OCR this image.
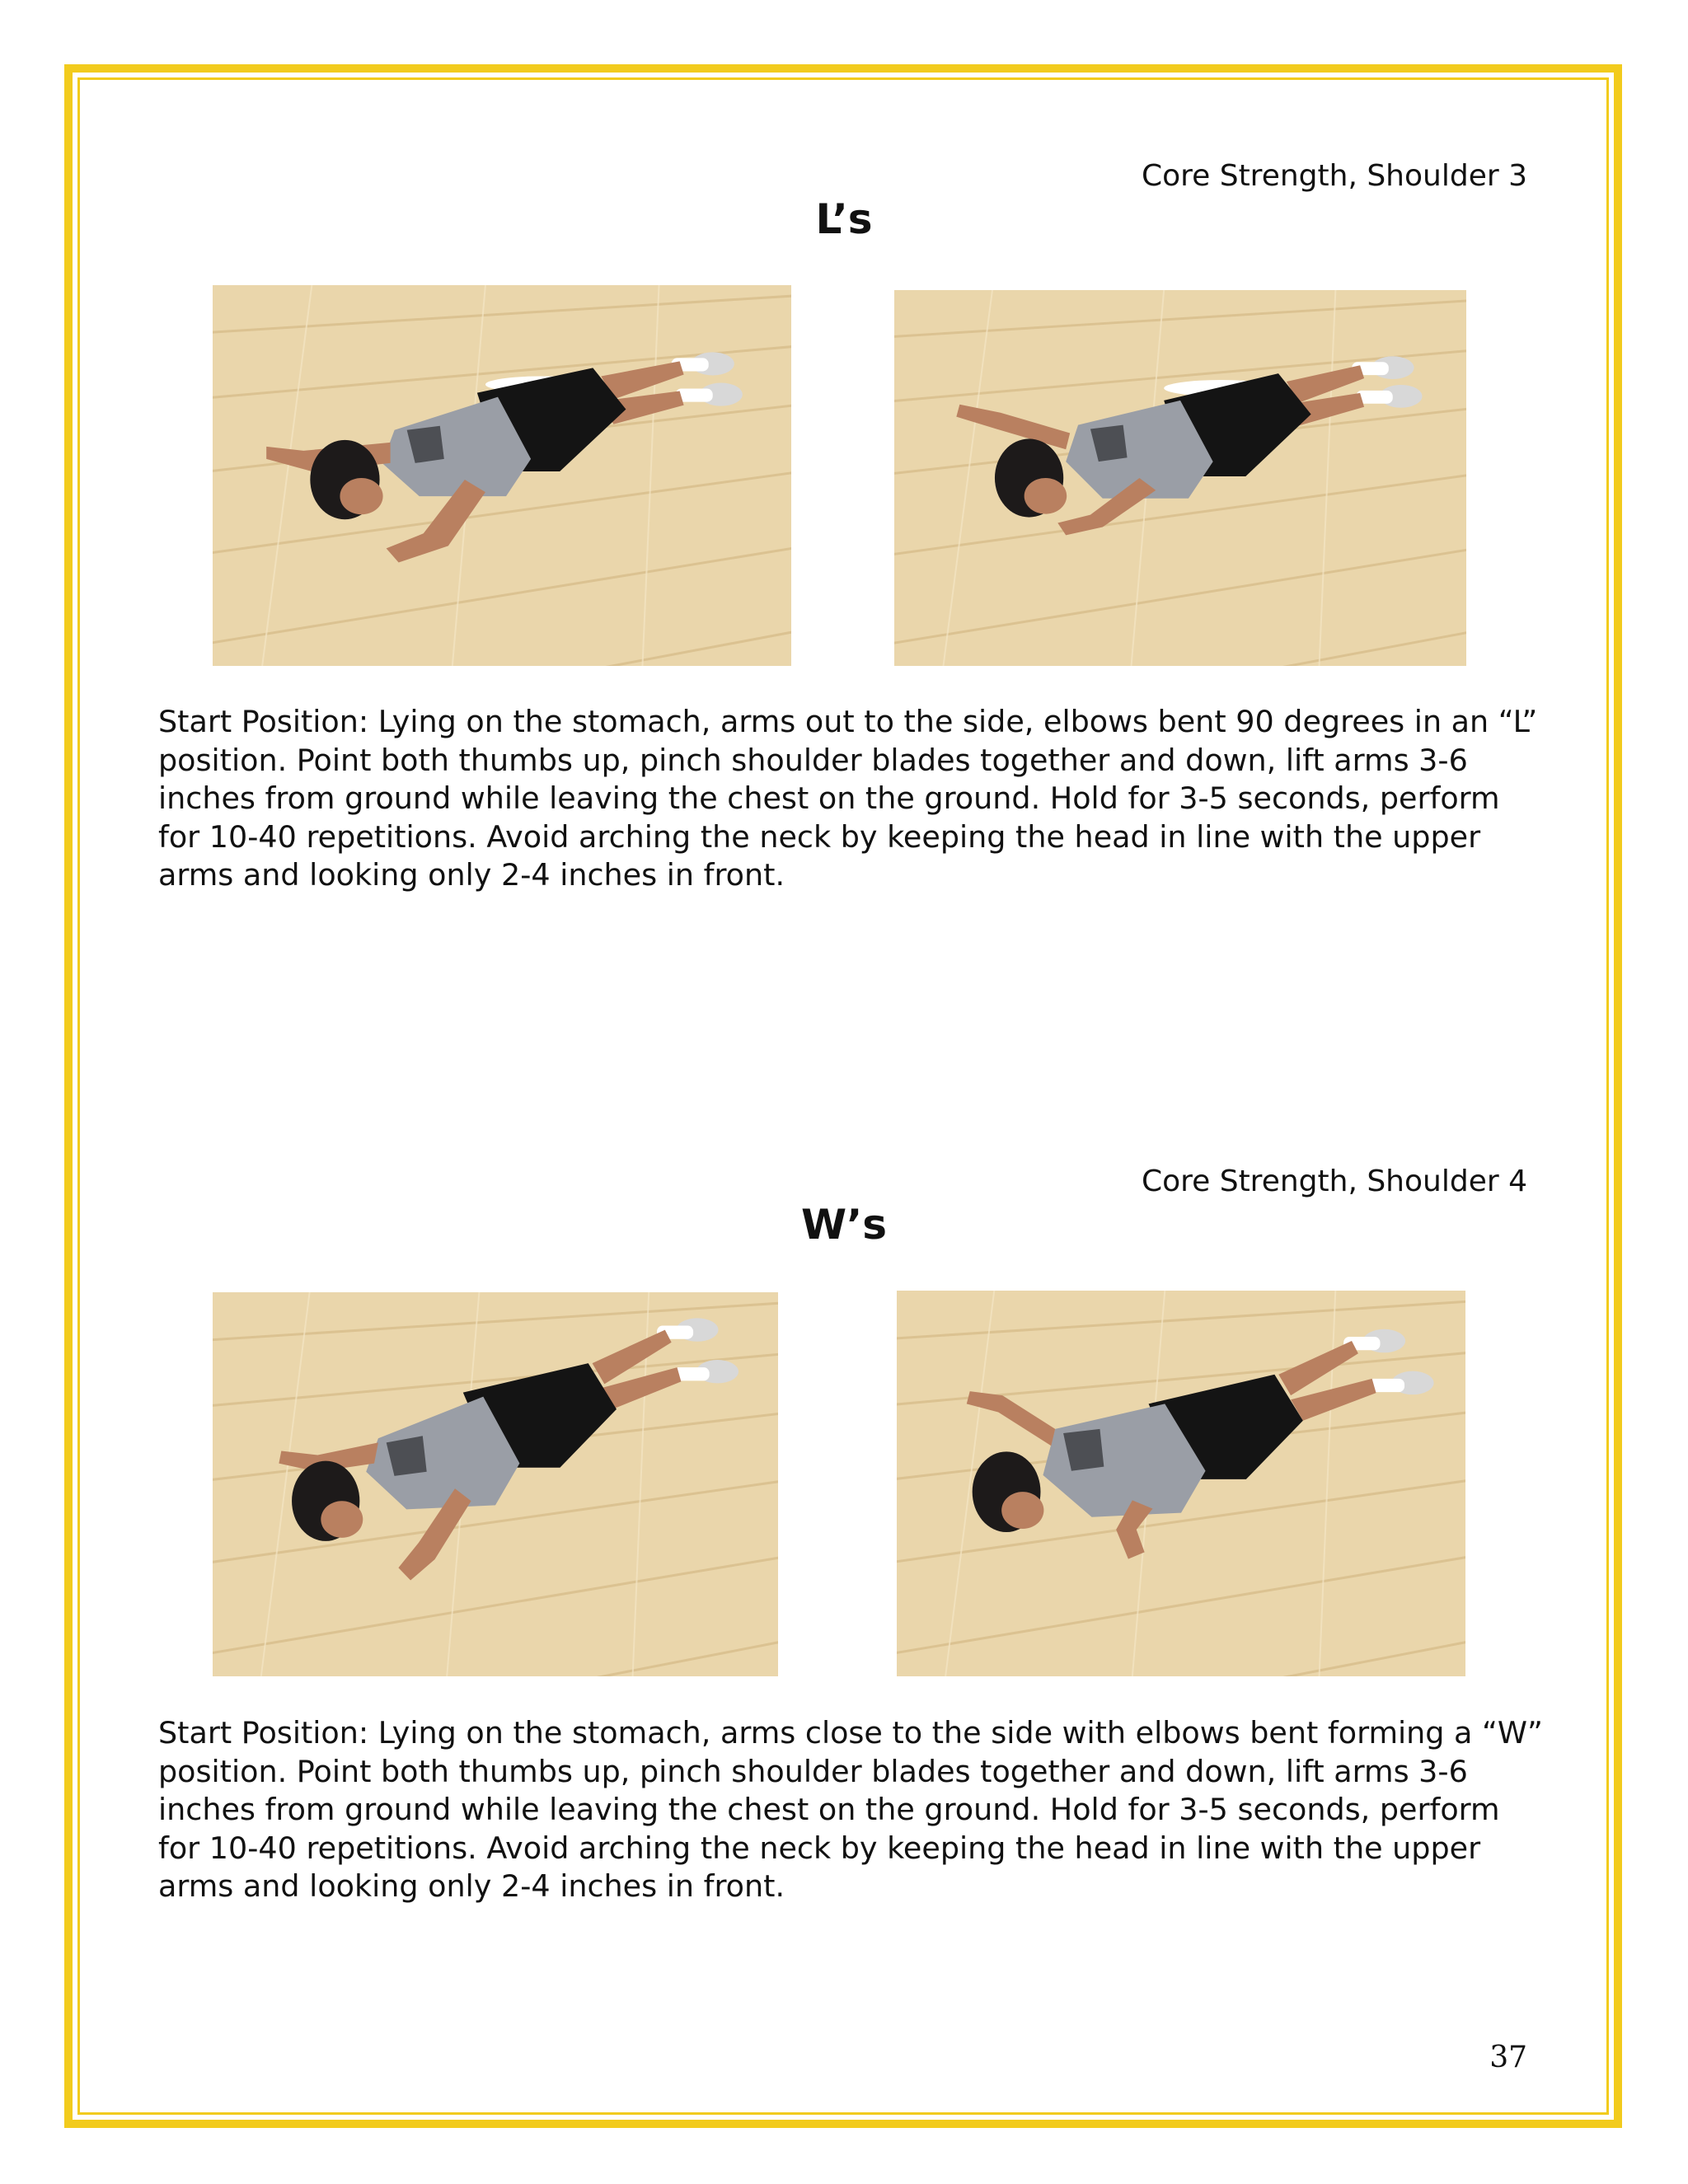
Core Strength, Shoulder 3
L’s
Start Position: Lying on the stomach, arms out to the side, elbows bent 90 degrees in an “L” position. Point both thumbs up, pinch shoulder blades together and down, lift arms 3-6 inches from ground while leaving the chest on the ground. Hold for 3-5 seconds, perform for 10-40 repetitions. Avoid arching the neck by keeping the head in line with the upper arms and looking only 2-4 inches in front.
Core Strength, Shoulder 4
W’s
Start Position: Lying on the stomach, arms close to the side with elbows bent forming a “W” position. Point both thumbs up, pinch shoulder blades together and down, lift arms 3-6 inches from ground while leaving the chest on the ground. Hold for 3-5 seconds, perform for 10-40 repetitions. Avoid arching the neck by keeping the head in line with the upper arms and looking only 2-4 inches in front.
37
